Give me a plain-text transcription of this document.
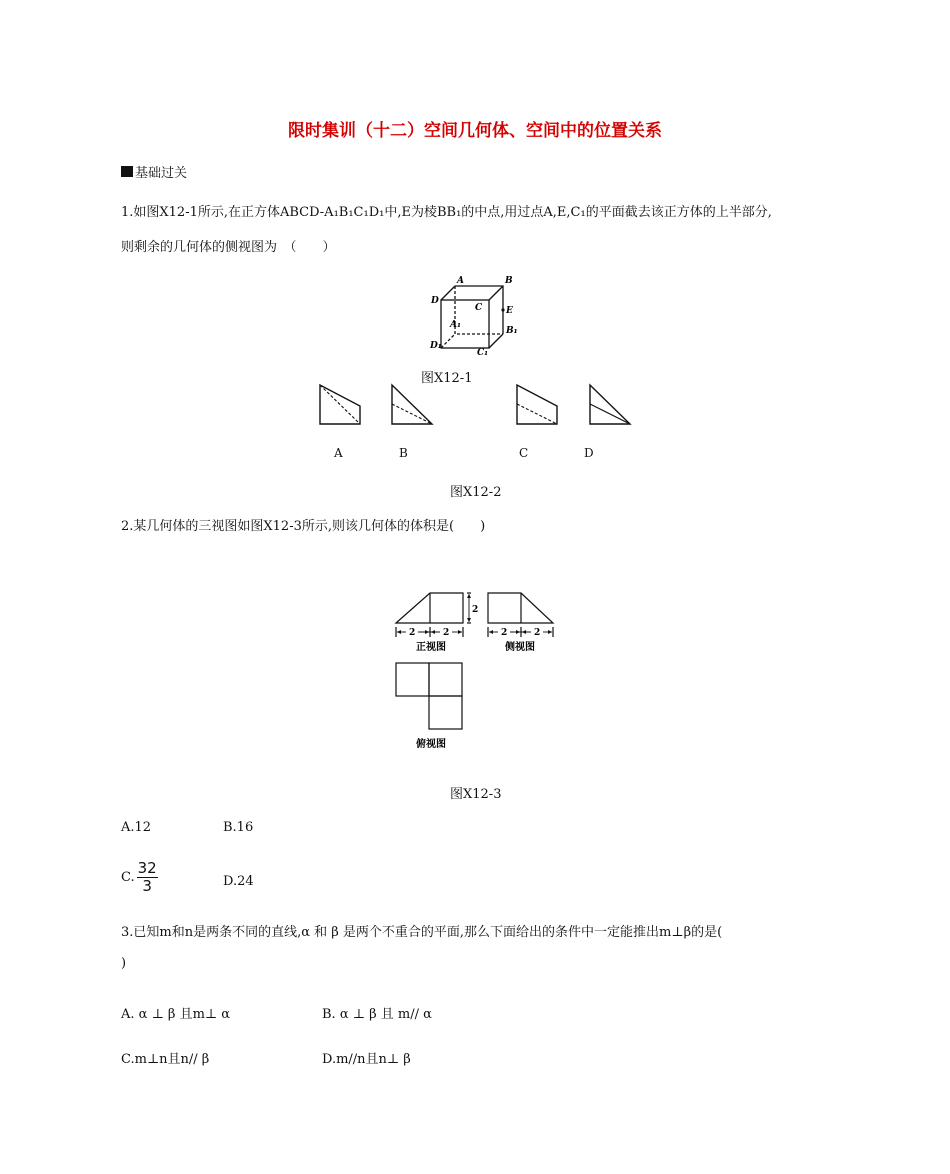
限时集训（十二）空间几何体、空间中的位置关系
基础过关
1.如图X12-1所示,在正方体ABCD-A₁B₁C₁D₁中,E为棱BB₁的中点,用过点A,E,C₁的平面截去该正方体的上半部分,
则剩余的几何体的侧视图为　（　　）
A	B
C
D
E
A₁
B₁
C₁
D₁
图X12-1
A	B	C	D
图X12-2
2.某几何体的三视图如图X12-3所示,则该几何体的体积是(　　)
2
2	2	2	2
正视图	侧视图
俯视图
图X12-3
A.12	B.16
C. $\frac{32}{3}$	D.24
3.已知m和n是两条不同的直线,α 和 β 是两个不重合的平面,那么下面给出的条件中一定能推出m⊥β的是(
)
A. α ⊥ β 且m⊥ α	B. α ⊥ β 且 m// α
C.m⊥n且n// β	D.m//n且n⊥ β
